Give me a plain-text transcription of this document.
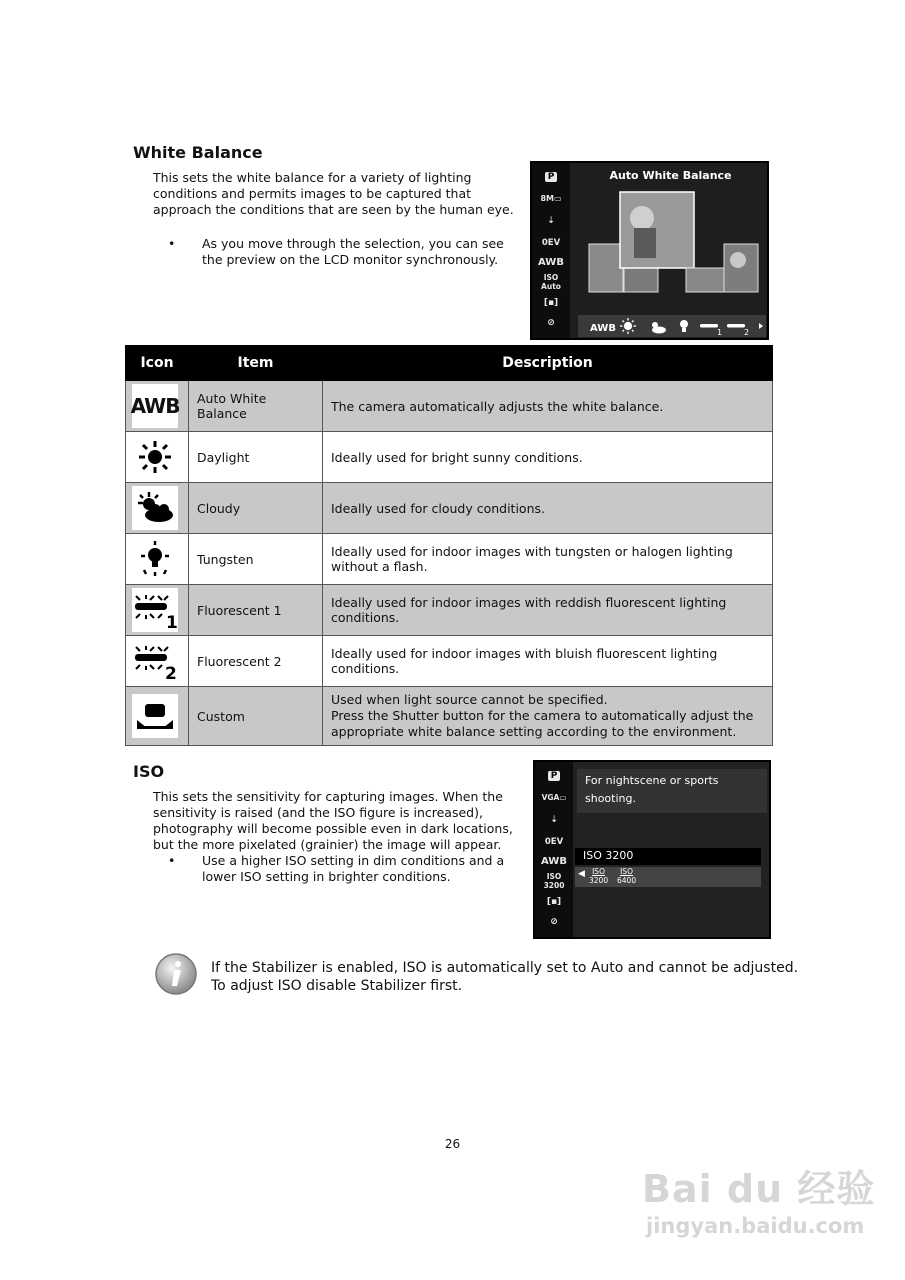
White Balance
This sets the white balance for a variety of lighting conditions and permits images to be captured that approach the conditions that are seen by the human eye.
• As you move through the selection, you can see the preview on the LCD monitor synchronously.
P
8M▭
⇣
0EV
AWB
ISO
Auto
[▪]
⊘
Auto White Balance
AWB	1	2
Icon	Item	Description

AWB	Auto White Balance	The camera automatically adjusts the white balance.

	Daylight	Ideally used for bright sunny conditions.

	Cloudy	Ideally used for cloudy conditions.

	Tungsten	Ideally used for indoor images with tungsten or halogen lighting without a flash.

1	Fluorescent 1	Ideally used for indoor images with reddish fluorescent lighting conditions.

2	Fluorescent 2	Ideally used for indoor images with bluish fluorescent lighting conditions.

	Custom	Used when light source cannot be specified.
Press the Shutter button for the camera to automatically adjust the appropriate white balance setting according to the environment.
ISO
This sets the sensitivity for capturing images. When the sensitivity is raised (and the ISO figure is increased), photography will become possible even in dark locations, but the more pixelated (grainier) the image will appear.
• Use a higher ISO setting in dim conditions and a lower ISO setting in brighter conditions.
P
VGA▭
⇣
0EV
AWB
ISO
3200
[▪]
⊘
For nightscene or sports
shooting.
ISO 3200
◀ ISO
3200
ISO
6400
If the Stabilizer is enabled, ISO is automatically set to Auto and cannot be adjusted.
To adjust ISO disable Stabilizer first.
26
Bai du 经验
jingyan.baidu.com
